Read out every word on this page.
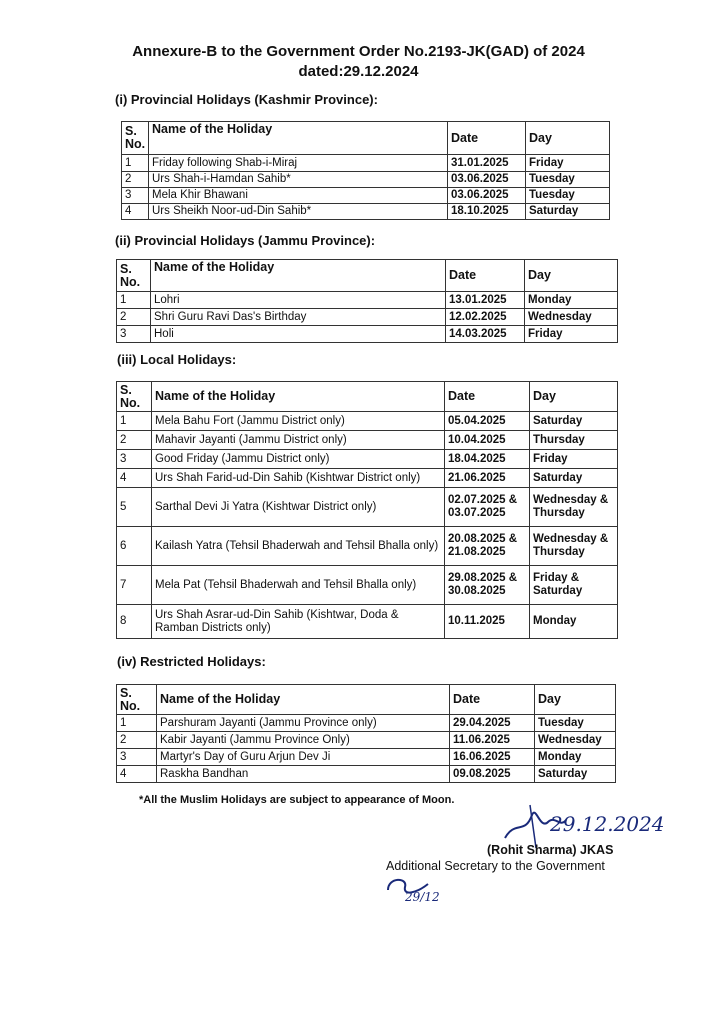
Annexure-B to the Government Order No.2193-JK(GAD) of 2024
dated:29.12.2024
(i) Provincial Holidays (Kashmir Province):
S. No.	Name of the Holiday	Date	Day
1	Friday following Shab-i-Miraj	31.01.2025	Friday
2	Urs Shah-i-Hamdan Sahib*	03.06.2025	Tuesday
3	Mela Khir Bhawani	03.06.2025	Tuesday
4	Urs Sheikh Noor-ud-Din Sahib*	18.10.2025	Saturday
(ii) Provincial Holidays (Jammu Province):
S. No.	Name of the Holiday	Date	Day
1	Lohri	13.01.2025	Monday
2	Shri Guru Ravi Das's Birthday	12.02.2025	Wednesday
3	Holi	14.03.2025	Friday
(iii) Local Holidays:
S. No.	Name of the Holiday	Date	Day
1	Mela Bahu Fort (Jammu District only)	05.04.2025	Saturday
2	Mahavir Jayanti (Jammu District only)	10.04.2025	Thursday
3	Good Friday (Jammu District only)	18.04.2025	Friday
4	Urs Shah Farid-ud-Din Sahib (Kishtwar District only)	21.06.2025	Saturday
5	Sarthal Devi Ji Yatra (Kishtwar District only)	02.07.2025 & 03.07.2025	Wednesday & Thursday
6	Kailash Yatra (Tehsil Bhaderwah and Tehsil Bhalla only)	20.08.2025 & 21.08.2025	Wednesday & Thursday
7	Mela Pat (Tehsil Bhaderwah and Tehsil Bhalla only)	29.08.2025 & 30.08.2025	Friday & Saturday
8	Urs Shah Asrar-ud-Din Sahib (Kishtwar, Doda & Ramban Districts only)	10.11.2025	Monday
(iv) Restricted Holidays:
S. No.	Name of the Holiday	Date	Day
1	Parshuram Jayanti (Jammu Province only)	29.04.2025	Tuesday
2	Kabir Jayanti (Jammu Province Only)	11.06.2025	Wednesday
3	Martyr's Day of Guru Arjun Dev Ji	16.06.2025	Monday
4	Raskha Bandhan	09.08.2025	Saturday
*All the Muslim Holidays are subject to appearance of Moon.
29.12.2024
(Rohit Sharma) JKAS
Additional Secretary to the Government
29/12
